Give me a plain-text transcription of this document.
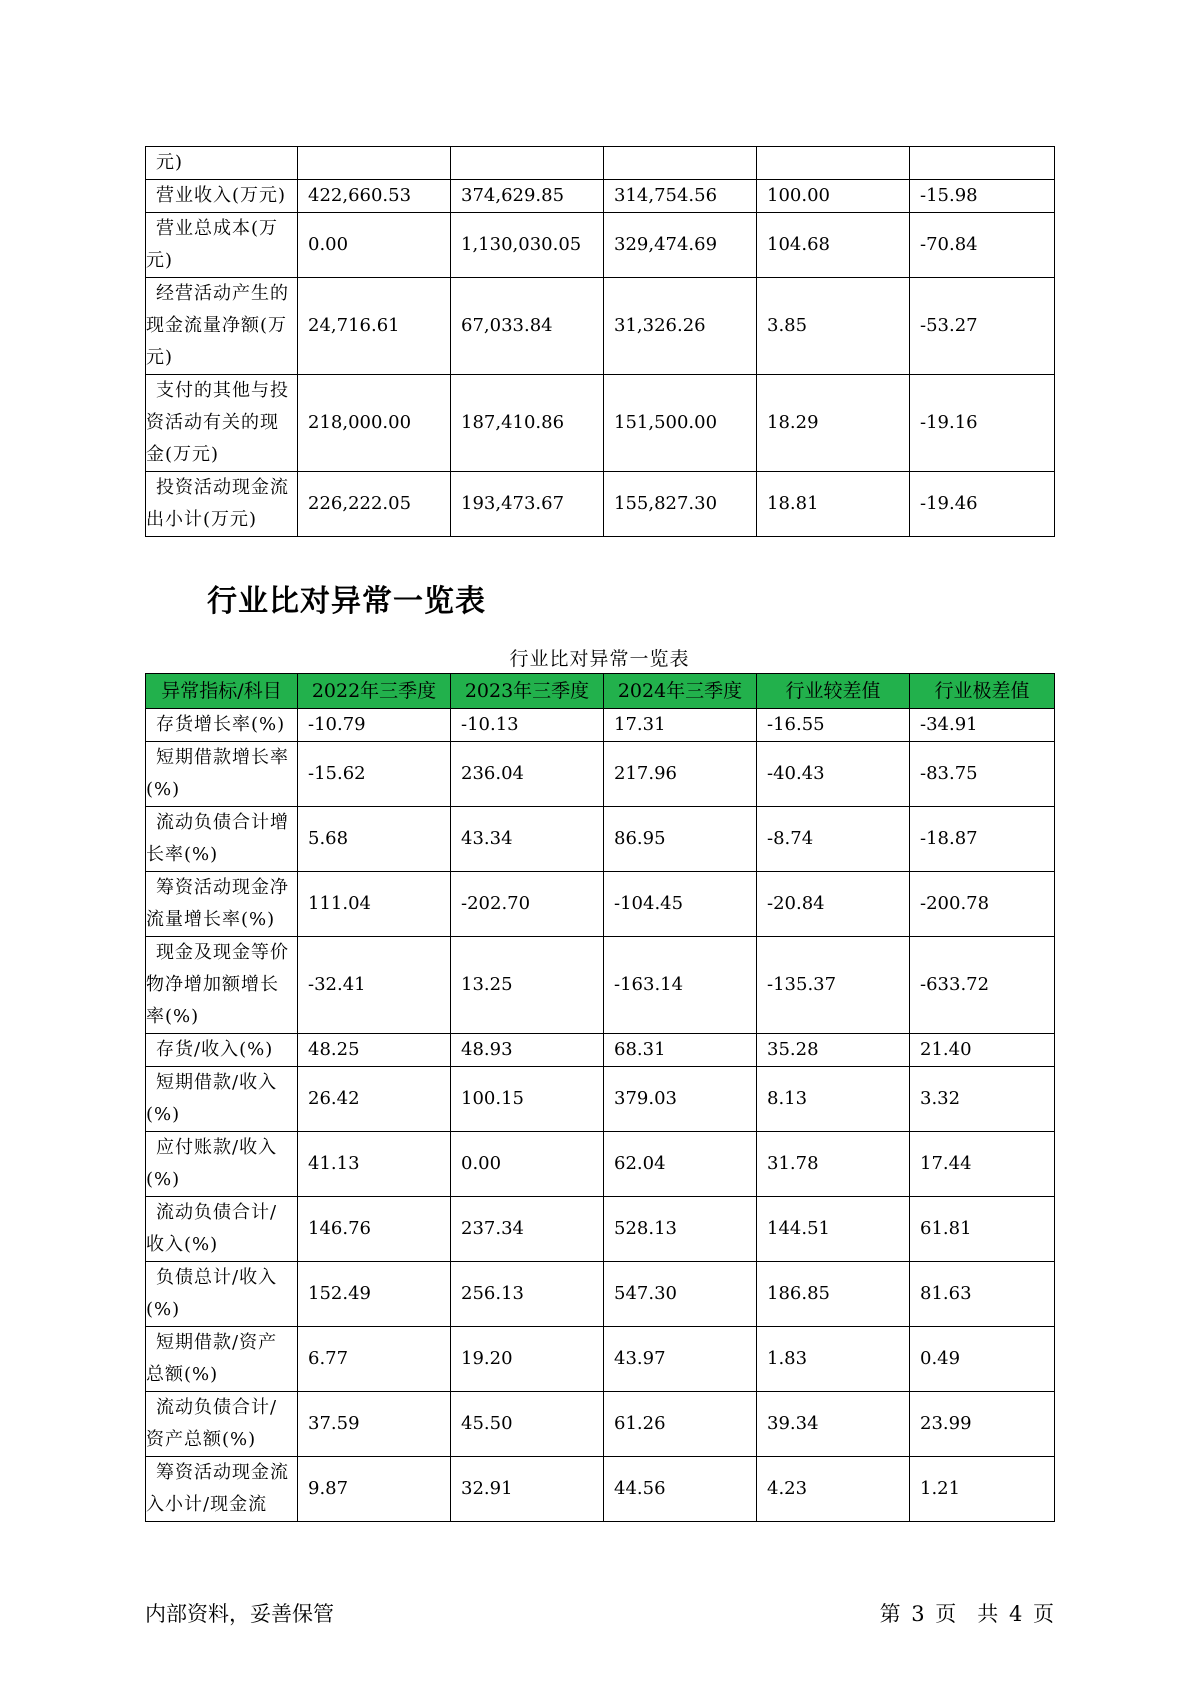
元)					
营业收入(万元)	422,660.53	374,629.85	314,754.56	100.00	-15.98
营业总成本(万元)	0.00	1,130,030.05	329,474.69	104.68	-70.84
经营活动产生的现金流量净额(万元)	24,716.61	67,033.84	31,326.26	3.85	-53.27
支付的其他与投资活动有关的现金(万元)	218,000.00	187,410.86	151,500.00	18.29	-19.16
投资活动现金流出小计(万元)	226,222.05	193,473.67	155,827.30	18.81	-19.46
行业比对异常一览表
行业比对异常一览表
异常指标/科目	2022年三季度	2023年三季度	2024年三季度	行业较差值	行业极差值
存货增长率(%)	-10.79	-10.13	17.31	-16.55	-34.91
短期借款增长率(%)	-15.62	236.04	217.96	-40.43	-83.75
流动负债合计增长率(%)	5.68	43.34	86.95	-8.74	-18.87
筹资活动现金净流量增长率(%)	111.04	-202.70	-104.45	-20.84	-200.78
现金及现金等价物净增加额增长率(%)	-32.41	13.25	-163.14	-135.37	-633.72
存货/收入(%)	48.25	48.93	68.31	35.28	21.40
短期借款/收入(%)	26.42	100.15	379.03	8.13	3.32
应付账款/收入(%)	41.13	0.00	62.04	31.78	17.44
流动负债合计/收入(%)	146.76	237.34	528.13	144.51	61.81
负债总计/收入(%)	152.49	256.13	547.30	186.85	81.63
短期借款/资产总额(%)	6.77	19.20	43.97	1.83	0.49
流动负债合计/资产总额(%)	37.59	45.50	61.26	39.34	23.99
筹资活动现金流入小计/现金流	9.87	32.91	44.56	4.23	1.21
内部资料，妥善保管	第 3 页　共 4 页
